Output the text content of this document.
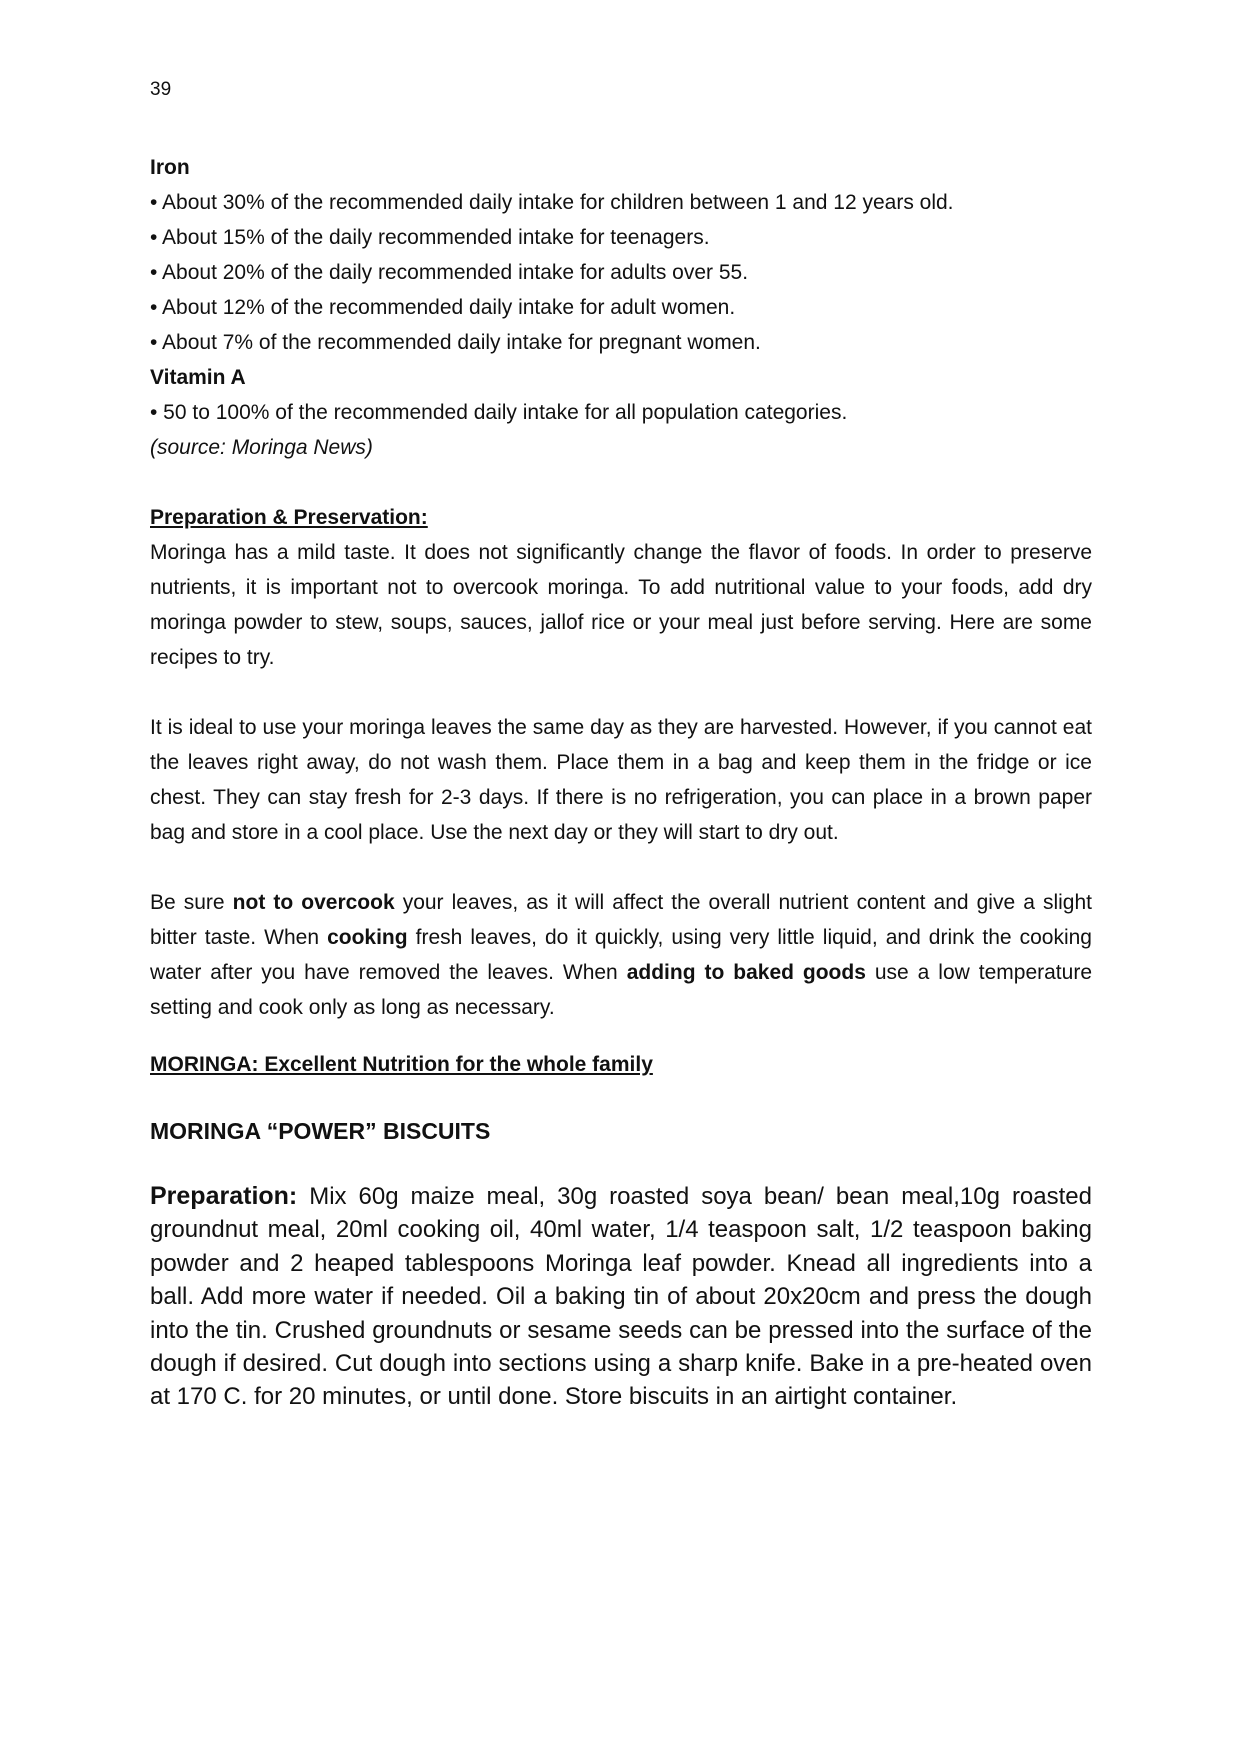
39

Iron

• About 30% of the recommended daily intake for children between 1 and 12 years old.

• About 15% of the daily recommended intake for teenagers.

• About 20% of the daily recommended intake for adults over 55.

• About 12% of the recommended daily intake for adult women.

• About 7% of the recommended daily intake for pregnant women.

Vitamin A

• 50 to 100% of the recommended daily intake for all population categories.

(source: Moringa News)

Preparation & Preservation:

Moringa has a mild taste. It does not significantly change the flavor of foods. In order to preserve nutrients, it is important not to overcook moringa. To add nutritional value to your foods, add dry moringa powder to stew, soups, sauces, jallof rice or your meal just before serving. Here are some recipes to try.

It is ideal to use your moringa leaves the same day as they are harvested. However, if you cannot eat the leaves right away, do not wash them. Place them in a bag and keep them in the fridge or ice chest. They can stay fresh for 2-3 days. If there is no refrigeration, you can place in a brown paper bag and store in a cool place. Use the next day or they will start to dry out.

Be sure not to overcook your leaves, as it will affect the overall nutrient content and give a slight bitter taste. When cooking fresh leaves, do it quickly, using very little liquid, and drink the cooking water after you have removed the leaves. When adding to baked goods use a low temperature setting and cook only as long as necessary.

MORINGA: Excellent Nutrition for the whole family

MORINGA “POWER” BISCUITS

Preparation: Mix 60g maize meal, 30g roasted soya bean/ bean meal,10g roasted groundnut meal, 20ml cooking oil, 40ml water, 1/4 teaspoon salt, 1/2 teaspoon baking powder and 2 heaped tablespoons Moringa leaf powder. Knead all ingredients into a ball. Add more water if needed. Oil a baking tin of about 20x20cm and press the dough into the tin. Crushed groundnuts or sesame seeds can be pressed into the surface of the dough if desired. Cut dough into sections using a sharp knife. Bake in a pre-heated oven at 170 C. for 20 minutes, or until done. Store biscuits in an airtight container.
